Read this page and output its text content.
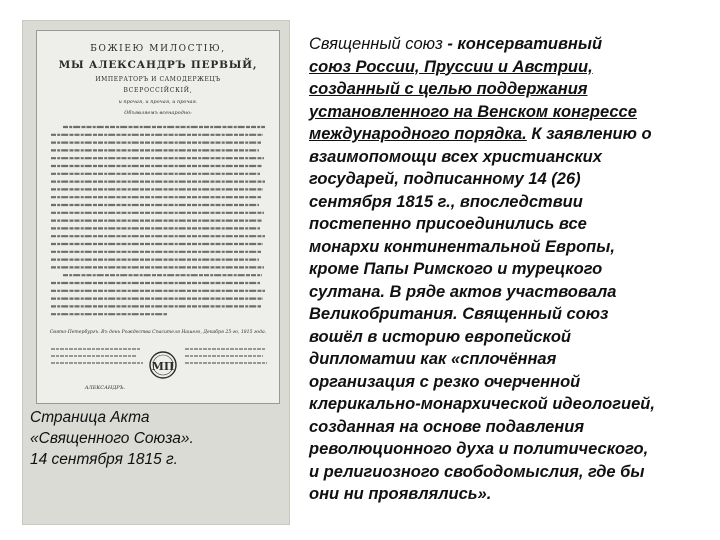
БОЖІЕЮ МИЛОСТІЮ,
МЫ АЛЕКСАНДРЪ ПЕРВЫЙ,
ИМПЕРАТОРЪ И САМОДЕРЖЕЦЪ
ВСЕРОССІЙСКІЙ,
и прочая, и прочая, и прочая.
Объявляемъ всенародно:
Свято-Петербургъ. Въ день Рождества Спасителя Нашего, Декабря 25-го, 1815 года.
МП
АЛЕКСАНДРЪ.
Страница Акта
«Священного Союза».
14 сентября 1815 г.
Священный союз - консервативный
союз России, Пруссии и Австрии,
созданный с целью поддержания
установленного на Венском конгрессе
международного порядка. К заявлению о
взаимопомощи всех христианских
государей, подписанному 14 (26)
сентября 1815 г., впоследствии
постепенно присоединились все
монархи континентальной Европы,
кроме Папы Римского и турецкого
султана. В ряде актов участвовала
Великобритания. Священный союз
вошёл в историю европейской
дипломатии как «сплочённая
организация с резко очерченной
клерикально-монархической идеологией,
созданная на основе подавления
революционного духа и политического,
и религиозного свободомыслия, где бы
они ни проявлялись».
